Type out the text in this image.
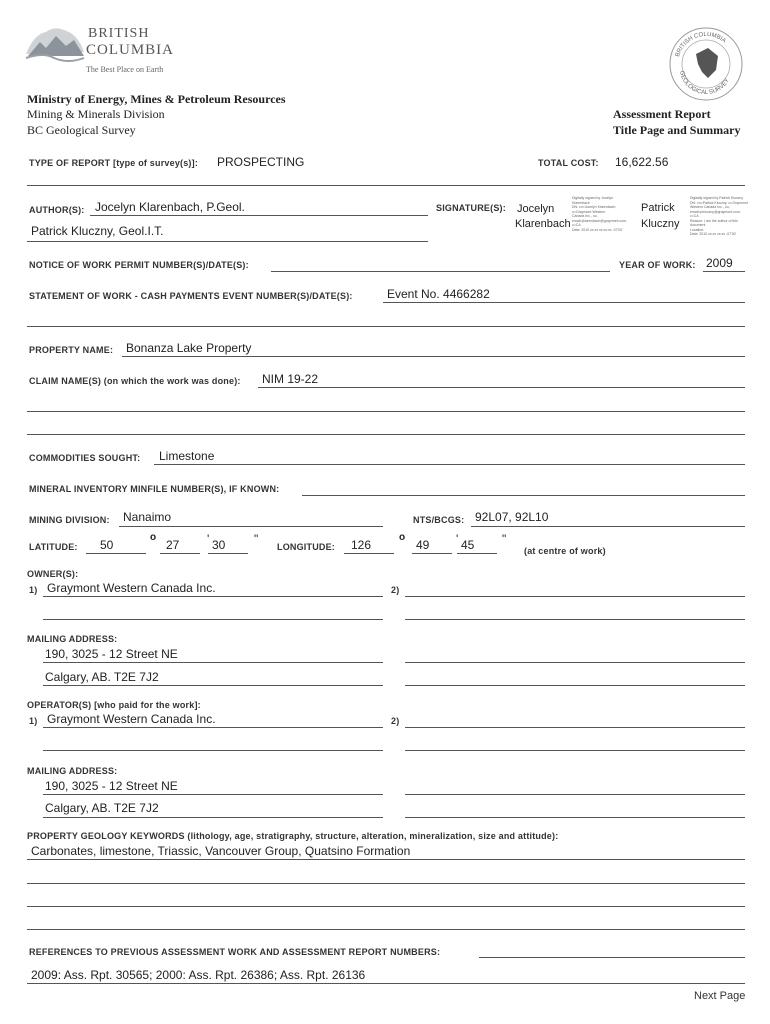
BRITISH
COLUMBIA
The Best Place on Earth
BRITISH COLUMBIA
GEOLOGICAL SURVEY
Ministry of Energy, Mines & Petroleum Resources
Mining & Minerals Division
BC Geological Survey
Assessment Report
Title Page and Summary
TYPE OF REPORT [type of survey(s)]: PROSPECTING	TOTAL COST: 16,622.56
AUTHOR(S): Jocelyn Klarenbach, P.Geol.
Patrick Kluczny, Geol.I.T.
SIGNATURE(S): Jocelyn
Klarenbach
Digitally signed by Jocelyn
Klarenbach
DN: cn=Jocelyn Klarenbach,
o=Graymont Western
Canada Inc., ou,
email=jklarenbach@graymont.com,
c=CA
Date: 2010.xx.xx xx:xx:xx -07'00'
Patrick
Kluczny
Digitally signed by Patrick Kluczny
DN: cn=Patrick Kluczny, o=Graymont
Western Canada Inc., ou,
email=pkluczny@graymont.com,
c=CA
Reason: I am the author of this
document
Location:
Date: 2010.xx.xx xx:xx -07'00'
NOTICE OF WORK PERMIT NUMBER(S)/DATE(S):	YEAR OF WORK: 2009
STATEMENT OF WORK - CASH PAYMENTS EVENT NUMBER(S)/DATE(S):	Event No. 4466282
PROPERTY NAME: Bonanza Lake Property
CLAIM NAME(S) (on which the work was done): NIM 19-22
COMMODITIES SOUGHT: Limestone
MINERAL INVENTORY MINFILE NUMBER(S), IF KNOWN:
MINING DIVISION: Nanaimo	NTS/BCGS: 92L07, 92L10
LATITUDE: 50
o
27 ' 30 "
LONGITUDE: 126
o
49 ' 45 "
(at centre of work)
OWNER(S):
1) Graymont Western Canada Inc.	2)
MAILING ADDRESS:
190, 3025 - 12 Street NE
Calgary, AB. T2E 7J2
OPERATOR(S) [who paid for the work]:
1) Graymont Western Canada Inc.	2)
MAILING ADDRESS:
190, 3025 - 12 Street NE
Calgary, AB. T2E 7J2
PROPERTY GEOLOGY KEYWORDS (lithology, age, stratigraphy, structure, alteration, mineralization, size and attitude):
Carbonates, limestone, Triassic, Vancouver Group, Quatsino Formation
REFERENCES TO PREVIOUS ASSESSMENT WORK AND ASSESSMENT REPORT NUMBERS:
2009: Ass. Rpt. 30565; 2000: Ass. Rpt. 26386; Ass. Rpt. 26136
Next Page
